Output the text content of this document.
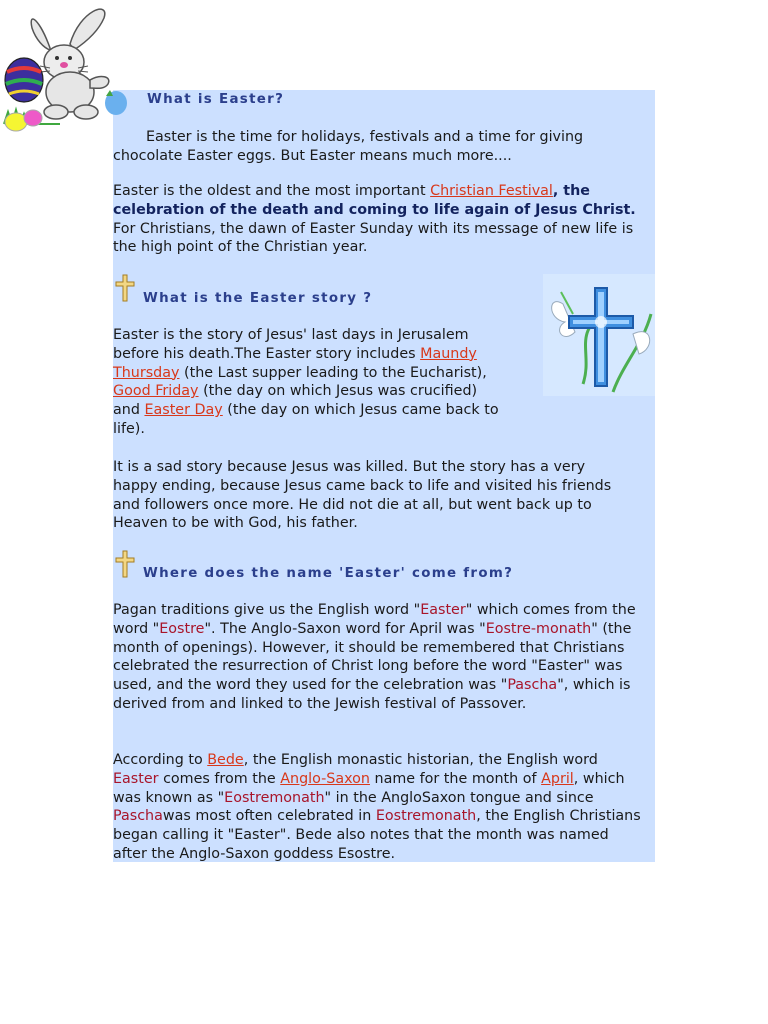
What is Easter?
Easter is the time for holidays, festivals and a time for giving chocolate Easter eggs. But Easter means much more....
Easter is the oldest and the most important Christian Festival, the celebration of the death and coming to life again of Jesus Christ. For Christians, the dawn of Easter Sunday with its message of new life is the high point of the Christian year.
What is the Easter story ?
Easter is the story of Jesus' last days in Jerusalem before his death.The Easter story includes Maundy Thursday (the Last supper leading to the Eucharist), Good Friday (the day on which Jesus was crucified) and Easter Day (the day on which Jesus came back to life).
It is a sad story because Jesus was killed. But the story has a very happy ending, because Jesus came back to life and visited his friends and followers once more. He did not die at all, but went back up to Heaven to be with God, his father.
Where does the name 'Easter' come from?
Pagan traditions give us the English word "Easter" which comes from the word "Eostre". The Anglo-Saxon word for April was "Eostre-monath" (the month of openings). However, it should be remembered that Christians celebrated the resurrection of Christ long before the word "Easter" was used, and the word they used for the celebration was "Pascha", which is derived from and linked to the Jewish festival of Passover.
According to Bede, the English monastic historian, the English word Easter comes from the Anglo-Saxon name for the month of April, which was known as "Eostremonath" in the AngloSaxon tongue and since Paschawas most often celebrated in Eostremonath, the English Christians began calling it "Easter". Bede also notes that the month was named after the Anglo-Saxon goddess Esostre.
